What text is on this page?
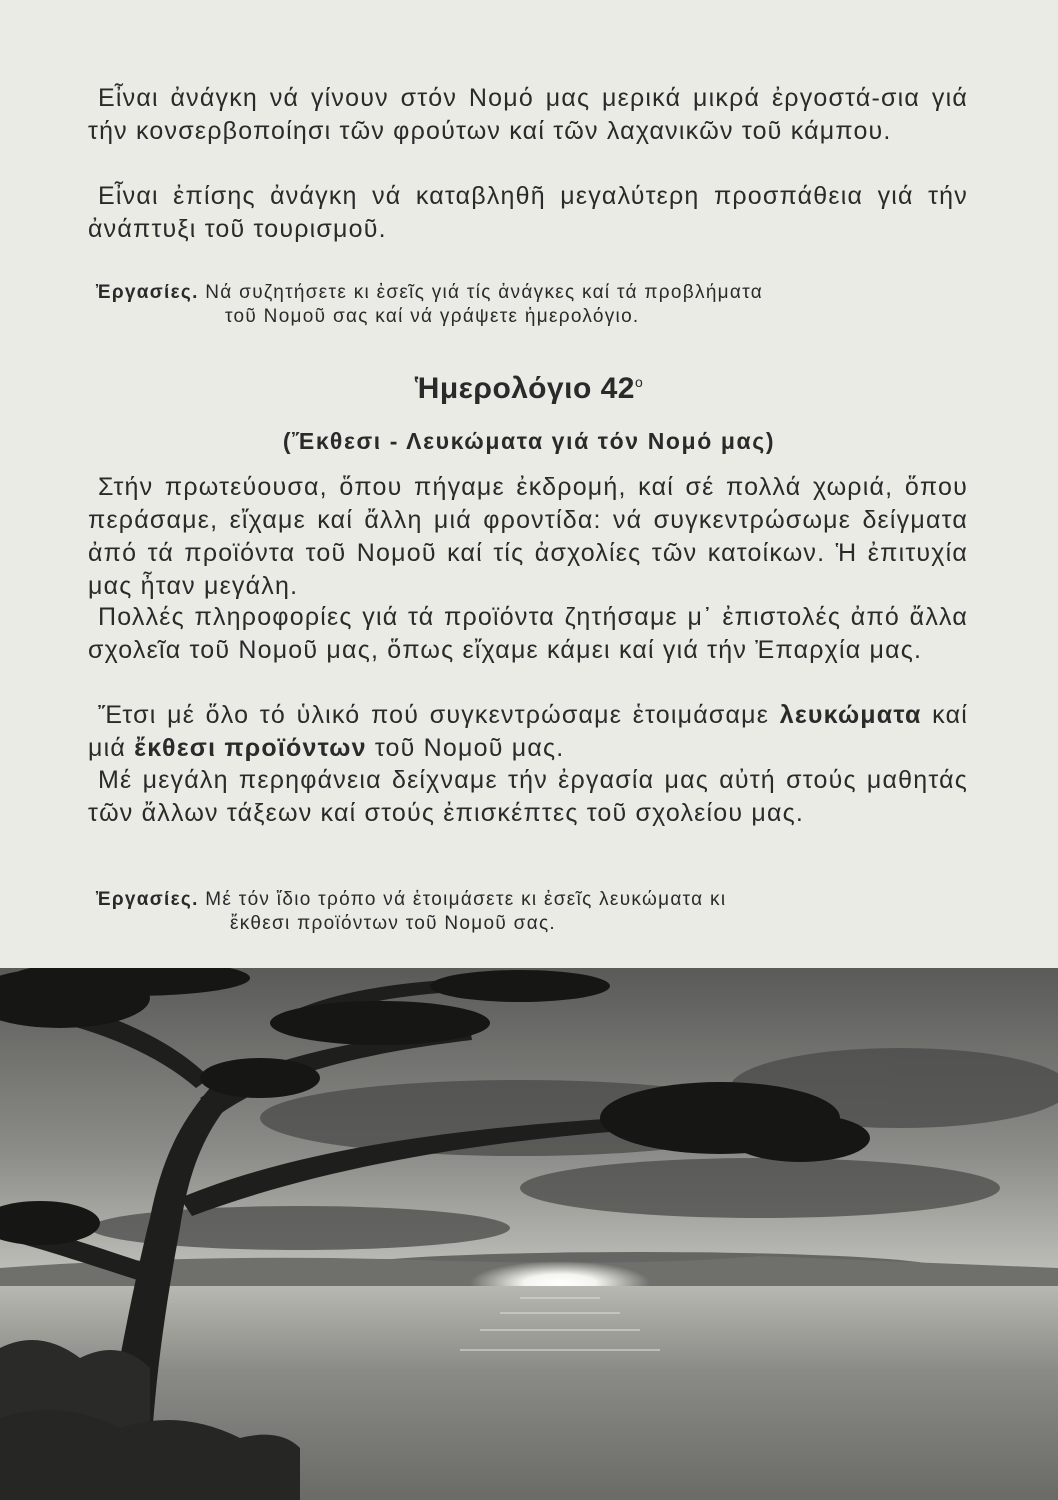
Εἶναι ἀνάγκη νά γίνουν στόν Νομό μας μερικά μικρά ἐργοστά-σια γιά τήν κονσερβοποίησι τῶν φρούτων καί τῶν λαχανικῶν τοῦ κάμπου.

Εἶναι ἐπίσης ἀνάγκη νά καταβληθῆ μεγαλύτερη προσπάθεια γιά τήν ἀνάπτυξι τοῦ τουρισμοῦ.

Ἐργασίες. Νά συζητήσετε κι ἐσεῖς γιά τίς ἀνάγκες καί τά προβλήματα
τοῦ Νομοῦ σας καί νά γράψετε ἡμερολόγιο.
Ἡμερολόγιο $42^o$
(Ἔκθεσι - Λευκώματα γιά τόν Νομό μας)

Στήν πρωτεύουσα, ὅπου πήγαμε ἐκδρομή, καί σέ πολλά χωριά, ὅπου περάσαμε, εἴχαμε καί ἄλλη μιά φροντίδα: νά συγκεντρώσωμε δείγματα ἀπό τά προϊόντα τοῦ Νομοῦ καί τίς ἀσχολίες τῶν κατοίκων. Ἡ ἐπιτυχία μας ἦταν μεγάλη.

Πολλές πληροφορίες γιά τά προϊόντα ζητήσαμε μ᾿ ἐπιστολές ἀπό ἄλλα σχολεῖα τοῦ Νομοῦ μας, ὅπως εἴχαμε κάμει καί γιά τήν Ἐπαρχία μας.

Ἔτσι μέ ὅλο τό ὑλικό πού συγκεντρώσαμε ἑτοιμάσαμε λευκώματα καί μιά ἔκθεσι προϊόντων τοῦ Νομοῦ μας.

Μέ μεγάλη περηφάνεια δείχναμε τήν ἐργασία μας αὐτή στούς μαθητάς τῶν ἄλλων τάξεων καί στούς ἐπισκέπτες τοῦ σχολείου μας.

Ἐργασίες. Μέ τόν ἴδιο τρόπο νά ἑτοιμάσετε κι ἐσεῖς λευκώματα κι
ἔκθεσι προϊόντων τοῦ Νομοῦ σας.
